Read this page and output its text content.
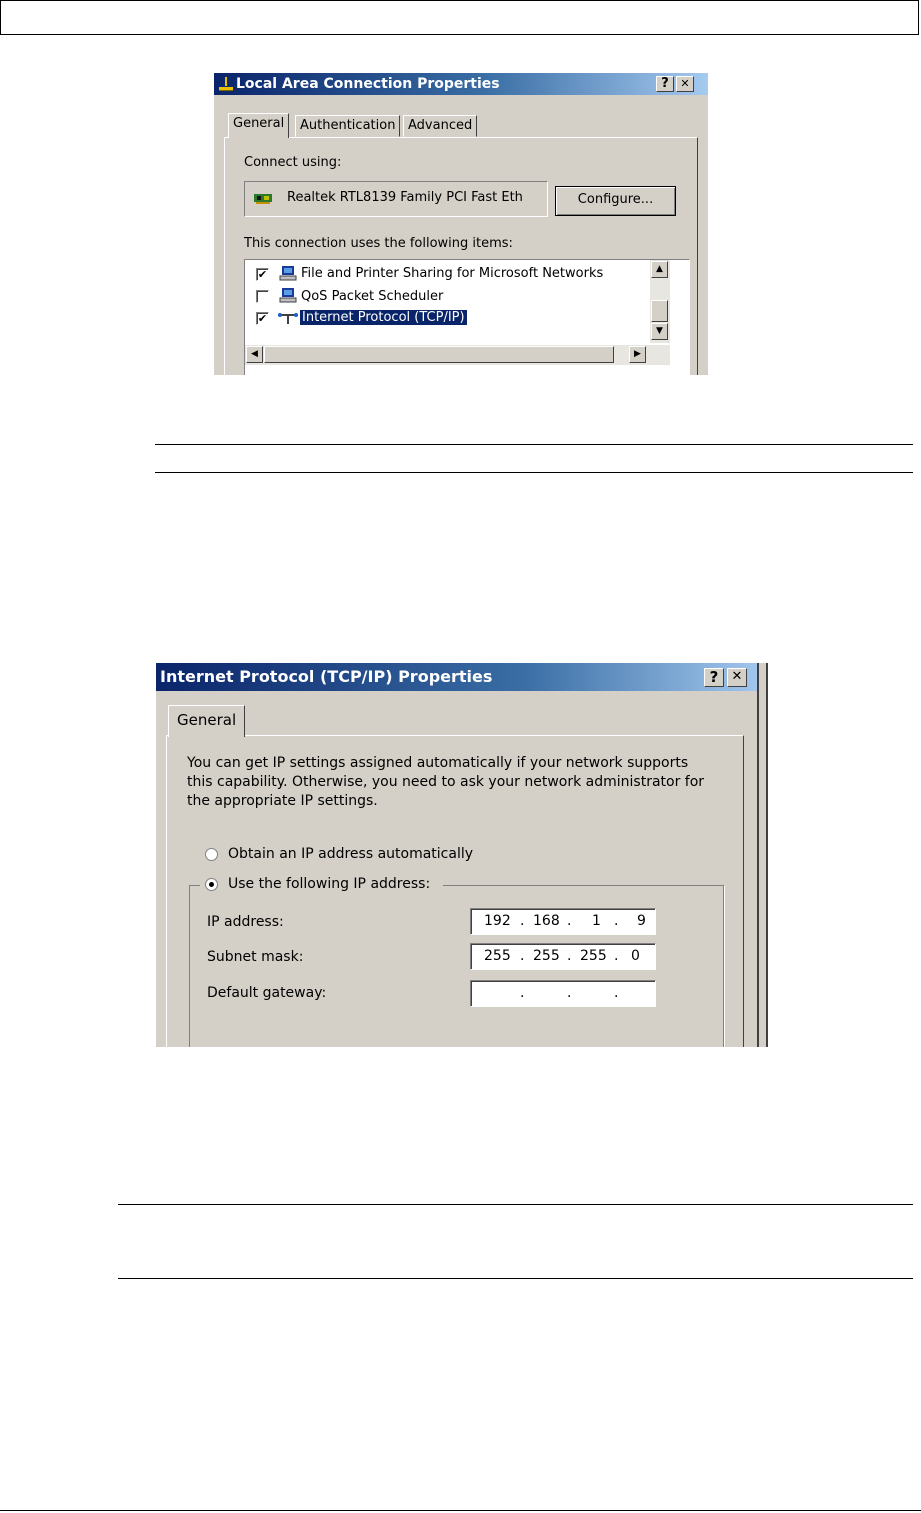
Local Area Connection Properties	?	✕
General	Authentication Advanced
Connect using:
Realtek RTL8139 Family PCI Fast Eth	Configure...
This connection uses the following items:
✔	File and Printer Sharing for Microsoft Networks
QoS Packet Scheduler
✔	Internet Protocol (TCP/IP)
▲
▼
◀	▶
Internet Protocol (TCP/IP) Properties	?	✕
General
You can get IP settings assigned automatically if your network supports
this capability. Otherwise, you need to ask your network administrator for
the appropriate IP settings.
Obtain an IP address automatically
Use the following IP address:
IP address:	192 . 168 . 1 . 9
Subnet mask:	255 . 255 . 255 . 0
Default gateway:	.	.	.
